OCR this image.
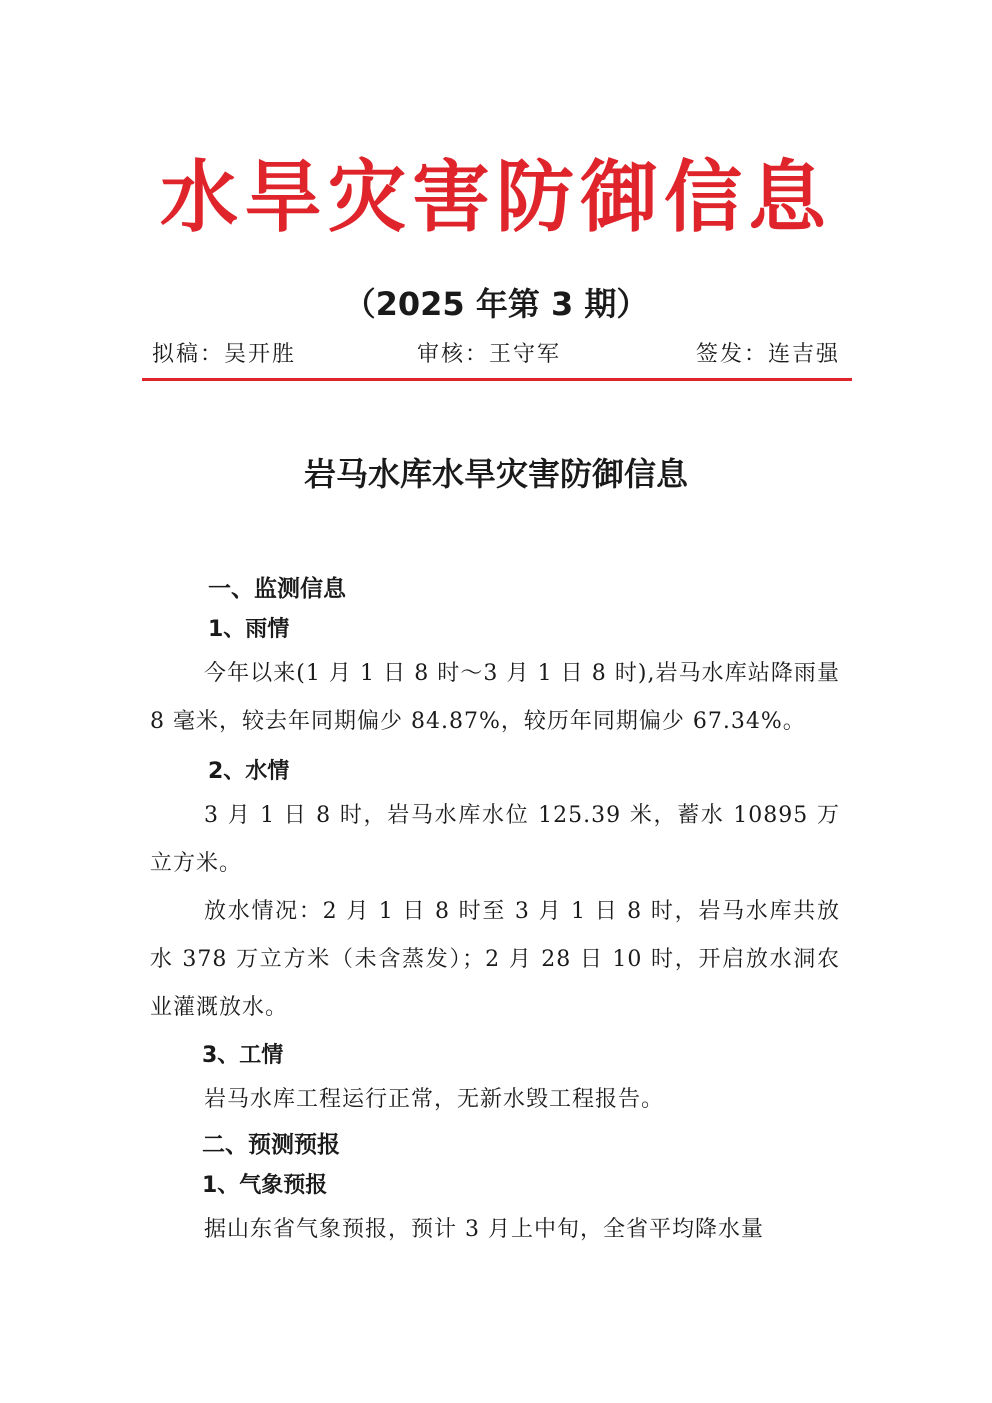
水旱灾害防御信息
（2025 年第 3 期）
拟稿：吴开胜	审核：王守军	签发：连吉强
岩马水库水旱灾害防御信息
一、监测信息
1、雨情

今年以来(1 月 1 日 8 时～3 月 1 日 8 时),岩马水库站降雨量 8 毫米，较去年同期偏少 84.87%，较历年同期偏少 67.34%。

2、水情

3 月 1 日 8 时，岩马水库水位 125.39 米，蓄水 10895 万立方米。

放水情况：2 月 1 日 8 时至 3 月 1 日 8 时，岩马水库共放水 378 万立方米（未含蒸发）；2 月 28 日 10 时，开启放水洞农业灌溉放水。

3、工情

岩马水库工程运行正常，无新水毁工程报告。

二、预测预报
1、气象预报

据山东省气象预报，预计 3 月上中旬，全省平均降水量
